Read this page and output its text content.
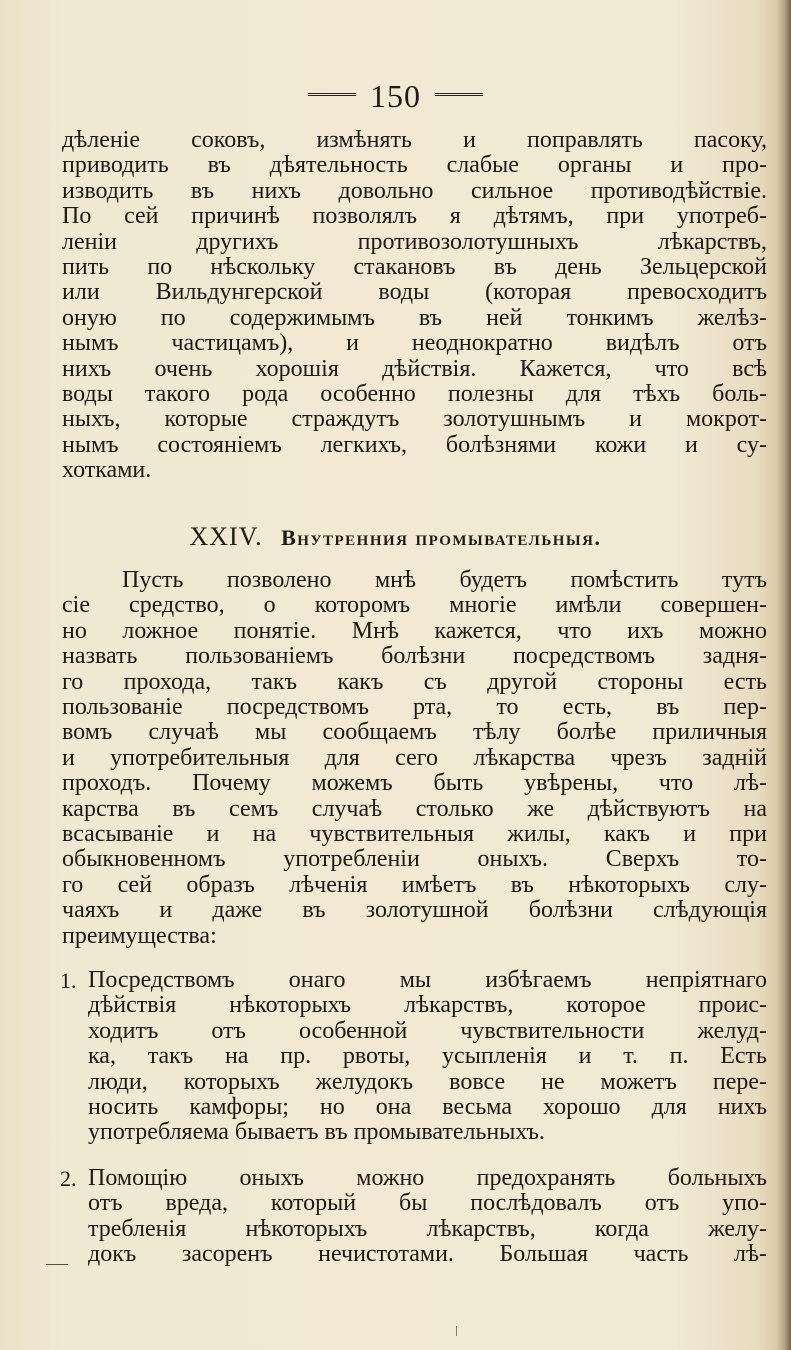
150
дѣленіе соковъ, измѣнять и поправлять пасоку,
приводить въ дѣятельность слабые органы и про-
изводить въ нихъ довольно сильное противодѣйствіе.
По сей причинѣ позволялъ я дѣтямъ, при употреб-
леніи другихъ противозолотушныхъ лѣкарствъ,
пить по нѣскольку стакановъ въ день Зельцерской
или Вильдунгерской воды (которая превосходитъ
оную по содержимымъ въ ней тонкимъ желѣз-
нымъ частицамъ), и неоднократно видѣлъ отъ
нихъ очень хорошія дѣйствія. Кажется, что всѣ
воды такого рода особенно полезны для тѣхъ боль-
ныхъ, которые страждутъ золотушнымъ и мокрот-
нымъ состояніемъ легкихъ, болѣзнями кожи и су-
хотками.
XXIV. Внутренния промывательныя.
Пусть позволено мнѣ будетъ помѣстить тутъ
сіе средство, о которомъ многіе имѣли совершен-
но ложное понятіе. Мнѣ кажется, что ихъ можно
назвать пользованіемъ болѣзни посредствомъ задня-
го прохода, такъ какъ съ другой стороны есть
пользованіе посредствомъ рта, то есть, въ пер-
вомъ случаѣ мы сообщаемъ тѣлу болѣе приличныя
и употребительныя для сего лѣкарства чрезъ задній
проходъ. Почему можемъ быть увѣрены, что лѣ-
карства въ семъ случаѣ столько же дѣйствуютъ на
всасываніе и на чувствительныя жилы, какъ и при
обыкновенномъ употребленіи оныхъ. Сверхъ то-
го сей образъ лѣченія имѣетъ въ нѣкоторыхъ слу-
чаяхъ и даже въ золотушной болѣзни слѣдующія
преимущества:
1. Посредствомъ онаго мы избѣгаемъ непріятнаго
дѣйствія нѣкоторыхъ лѣкарствъ, которое проис-
ходитъ отъ особенной чувствительности желуд-
ка, такъ на пр. рвоты, усыпленія и т. п. Есть
люди, которыхъ желудокъ вовсе не можетъ пере-
носить камфоры; но она весьма хорошо для нихъ
употребляема бываетъ въ промывательныхъ.
2. Помощію оныхъ можно предохранять больныхъ
отъ вреда, который бы послѣдовалъ отъ упо-
требленія нѣкоторыхъ лѣкарствъ, когда желу-
докъ засоренъ нечистотами. Большая часть лѣ-
